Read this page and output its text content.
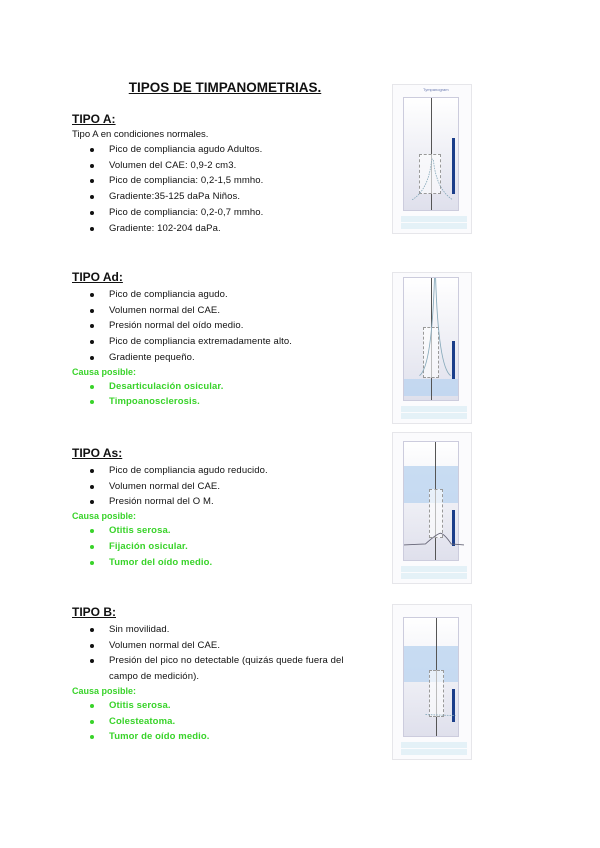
TIPOS DE TIMPANOMETRIAS.
TIPO A:
Tipo A en condiciones normales.
Pico de compliancia agudo Adultos.
Volumen del CAE: 0,9-2 cm3.
Pico de compliancia: 0,2-1,5 mmho.
Gradiente:35-125 daPa Niños.
Pico de compliancia: 0,2-0,7 mmho.
Gradiente: 102-204 daPa.
TIPO Ad:
Pico de compliancia agudo.
Volumen normal del CAE.
Presión normal del oído medio.
Pico de compliancia extremadamente alto.
Gradiente pequeño.
Causa posible:
Desarticulación osicular.
Timpoanosclerosis.
TIPO As:
Pico de compliancia agudo reducido.
Volumen normal del CAE.
Presión normal del O M.
Causa posible:
Otitis serosa.
Fijación osicular.
Tumor del oído medio.
TIPO B:
Sin movilidad.
Volumen normal del CAE.
Presión del pico no detectable (quizás quede fuera del campo de medición).
Causa posible:
Otitis serosa.
Colesteatoma.
Tumor de oído medio.
Tympanogram
